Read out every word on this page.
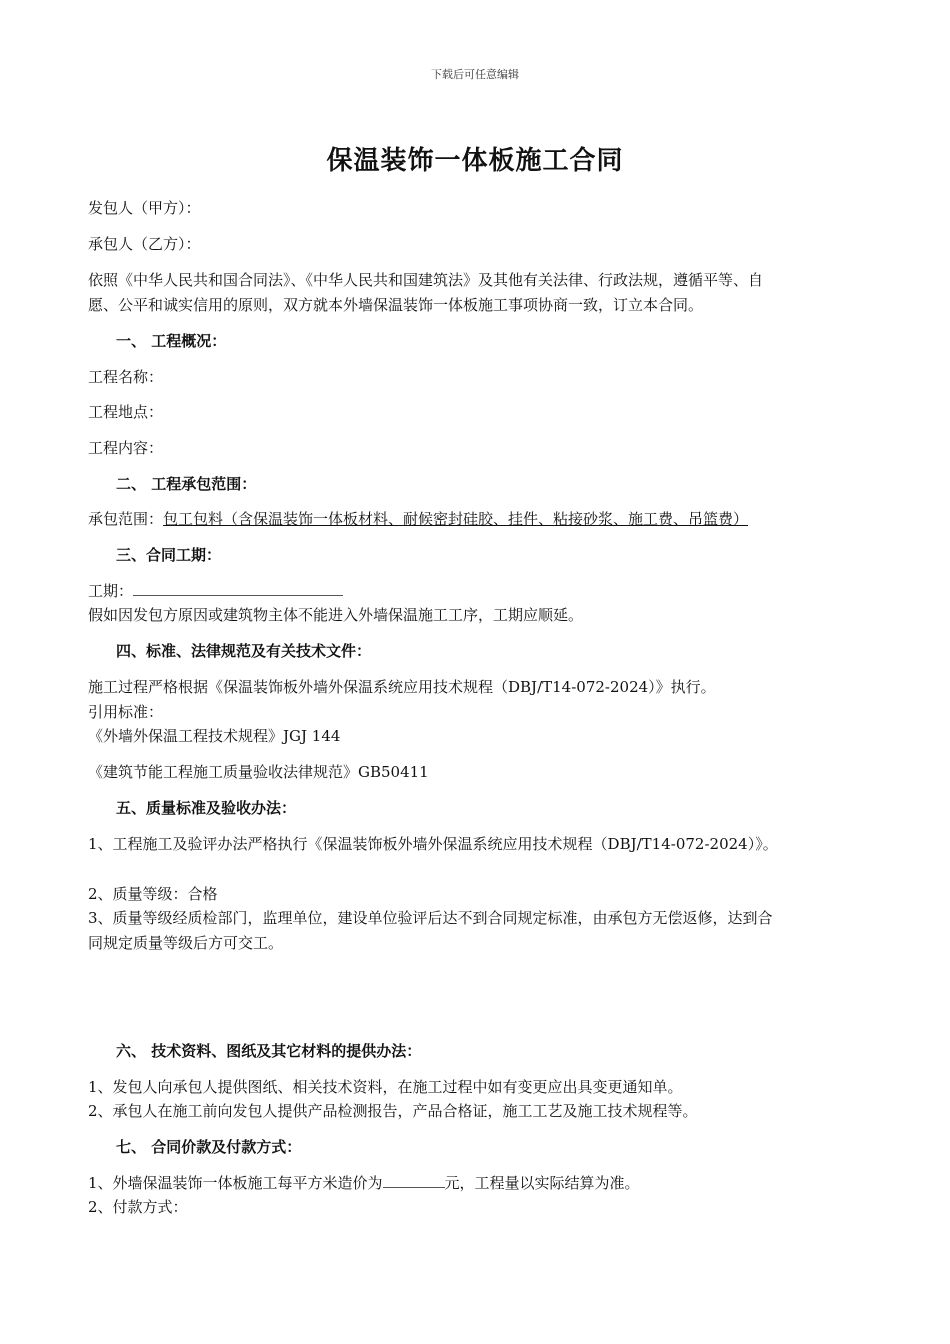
下载后可任意编辑
保温装饰一体板施工合同
发包人（甲方）：
承包人（乙方）：
依照《中华人民共和国合同法》、《中华人民共和国建筑法》及其他有关法律、行政法规，遵循平等、自
愿、公平和诚实信用的原则，双方就本外墙保温装饰一体板施工事项协商一致，订立本合同。
一、 工程概况：
工程名称：
工程地点：
工程内容：
二、 工程承包范围：
承包范围：包工包料（含保温装饰一体板材料、耐候密封硅胶、挂件、粘接砂浆、施工费、吊篮费）
三、合同工期：
工期：
假如因发包方原因或建筑物主体不能进入外墙保温施工工序，工期应顺延。
四、标准、法律规范及有关技术文件：
施工过程严格根据《保温装饰板外墙外保温系统应用技术规程（DBJ/T14-072-2024）》执行。
引用标准：
《外墙外保温工程技术规程》JGJ 144
《建筑节能工程施工质量验收法律规范》GB50411
五、质量标准及验收办法：
1、工程施工及验评办法严格执行《保温装饰板外墙外保温系统应用技术规程（DBJ/T14-072-2024）》。
2、质量等级：合格
3、质量等级经质检部门，监理单位，建设单位验评后达不到合同规定标准，由承包方无偿返修，达到合
同规定质量等级后方可交工。
六、 技术资料、图纸及其它材料的提供办法：
1、发包人向承包人提供图纸、相关技术资料，在施工过程中如有变更应出具变更通知单。
2、承包人在施工前向发包人提供产品检测报告，产品合格证，施工工艺及施工技术规程等。
七、 合同价款及付款方式：
1、外墙保温装饰一体板施工每平方米造价为	元，工程量以实际结算为准。
2、付款方式：
